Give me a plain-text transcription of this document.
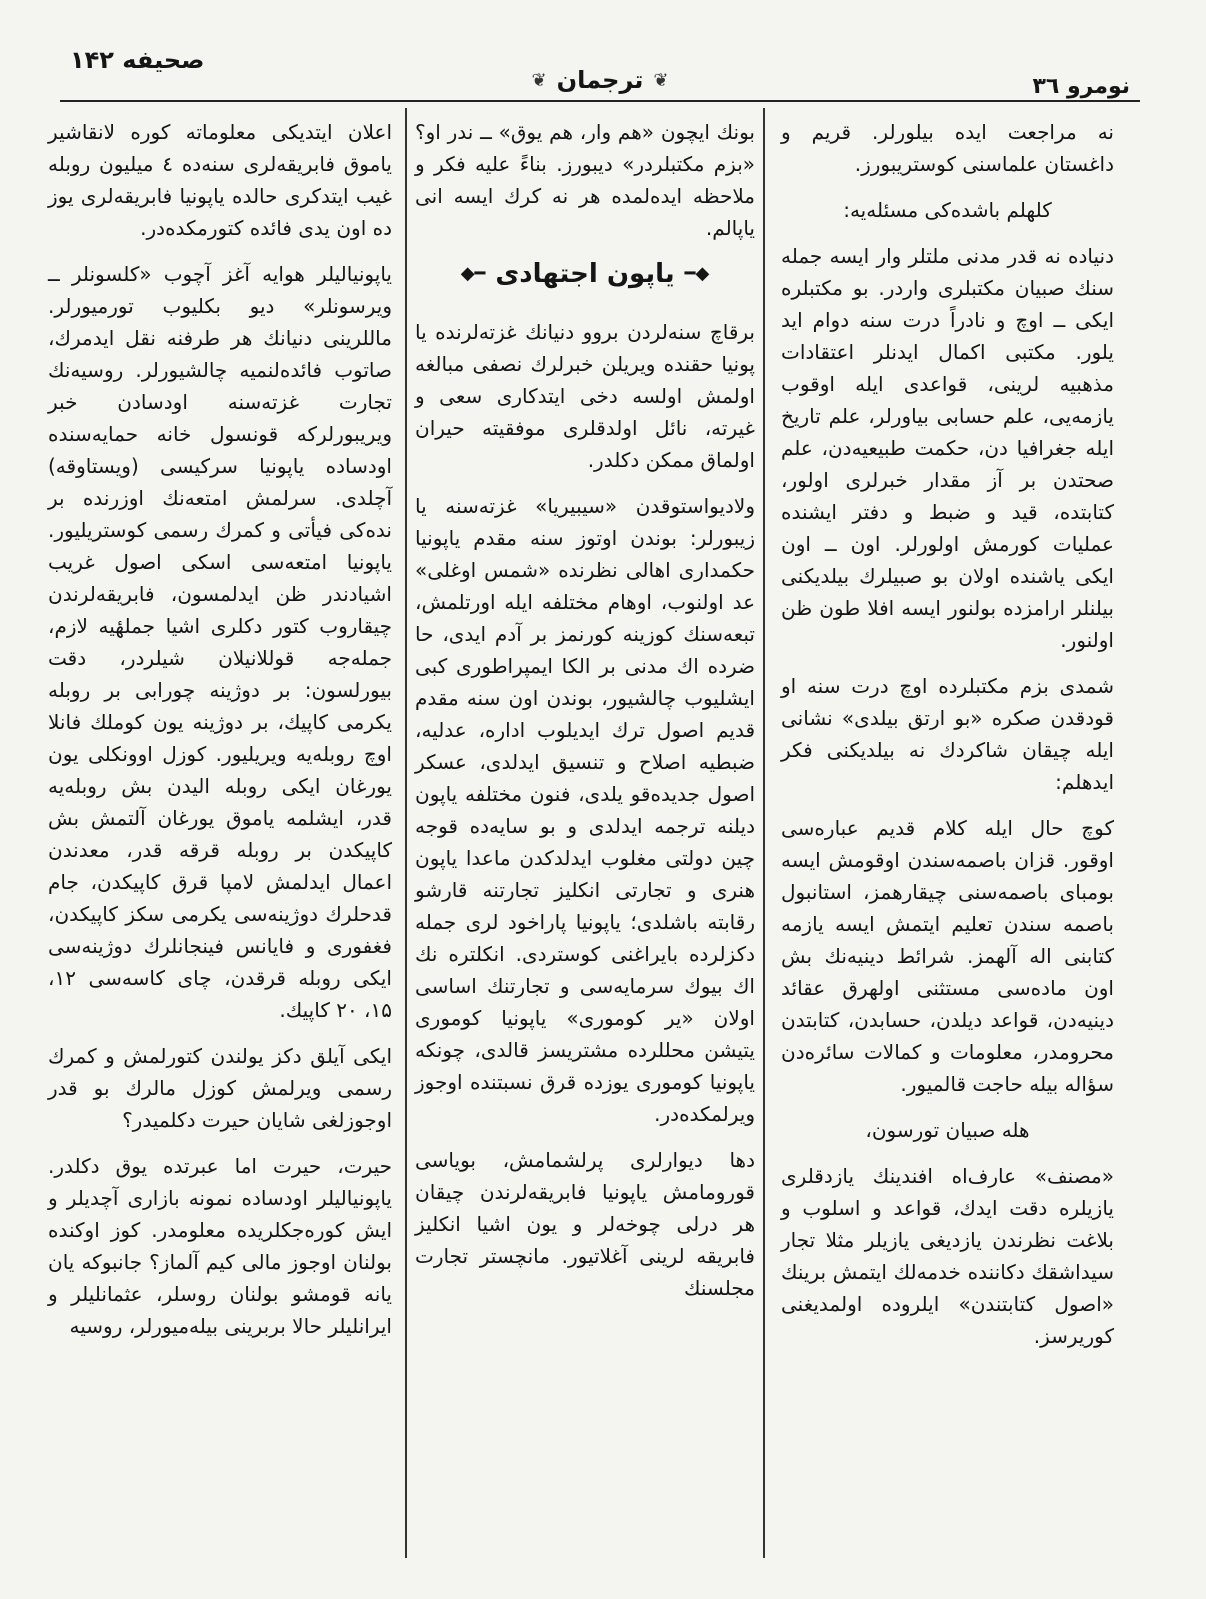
صحیفه ۱۴۲
❦
ترجمان
❦	نومرو ۳٦

نه مراجعت ایده بیلورلر. قریم و داغستان علماسنی کوستریبورز.

کلهلم باشده‌کی مسئله‌یه:

دنیاده نه قدر مدنی ملتلر وار ایسه جمله سنك صبیان مکتبلری واردر. بو مکتبلره ایکی ــ اوچ و نادراً درت سنه دوام اید یلور. مکتبی اکمال ایدنلر اعتقادات مذهبیه لرینی، قواعدی ایله اوقوب یازمه‌یی، علم حسابی بیاورلر، علم تاریخ ایله جغرافیا دن، حکمت طبیعیه‌دن، علم صحتدن بر آز مقدار خبرلری اولور، کتابتده، قید و ضبط و دفتر ایشنده عملیات کورمش اولورلر. اون ــ اون ایکی یاشنده اولان بو صبیلرك بیلدیکنی بیلنلر ارامزده بولنور ایسه افلا طون ظن اولنور.

شمدی بزم مکتبلرده اوچ درت سنه او قودقدن صکره «بو ارتق بیلدی» نشانی ایله چیقان شاکردك نه بیلدیکنی فکر ایدهلم:

کوچ حال ایله کلام قدیم عباره‌سی اوقور. قزان باصمه‌سندن اوقومش ایسه بومبای باصمه‌سنی چیقارهمز، استانبول باصمه سندن تعلیم ایتمش ایسه یازمه کتابنی اله آلهمز. شرائط دینیه‌نك بش اون ماده‌سی مستثنی اولهرق عقائد دینیه‌دن، قواعد دیلدن، حسابدن، کتابتدن محرومدر، معلومات و کمالات سائره‌دن سؤاله بیله حاجت قالمیور.

هله صبیان تورسون،

«مصنف» عارف‌اه افندینك یازدقلری یازیلره دقت ایدك، قواعد و اسلوب و بلاغت نظرندن یازدیغی یازیلر مثلا تجار سیداشقك دکاننده خدمه‌لك ایتمش برینك «اصول کتابتندن» ایلروده اولمدیغنی کوریرسز.

بونك ایچون «هم وار، هم یوق» ــ ندر او؟ «بزم مکتبلردر» دیبورز. بناءً علیه فکر و ملاحظه ایده‌لمده هر نه کرك ایسه انی یاپالم.

◆━
یاپون اجتهادی
━◆

برقاچ سنه‌لردن بروو دنیانك غزته‌لرنده یا پونیا حقنده ویریلن خبرلرك نصفی مبالغه اولمش اولسه دخی ایتدکاری سعی و غیرته، نائل اولدقلری موفقیته حیران اولماق ممکن دکلدر.

ولادیواستوقدن «سیبیریا» غزته‌سنه یا زیبورلر: بوندن اوتوز سنه مقدم یاپونیا حکمداری اهالی نظرنده «شمس اوغلی» عد اولنوب، اوهام مختلفه ایله اورتلمش، تبعه‌سنك کوزینه کورنمز بر آدم ایدی، حا ضرده اك مدنی بر الکا ایمپراطوری کبی ایشلیوب چالشیور، بوندن اون سنه مقدم قدیم اصول ترك ایدیلوب اداره، عدلیه، ضبطیه اصلاح و تنسیق ایدلدی، عسکر اصول جدیده‌قو یلدی، فنون مختلفه یاپون دیلنه ترجمه ایدلدی و بو سایه‌ده قوجه چین دولتی مغلوب ایدلدکدن ماعدا یاپون هنری و تجارتی انکلیز تجارتنه قارشو رقابته باشلدی؛ یاپونیا پاراخود لری جمله دکزلرده بایراغنی کوستردی. انکلتره نك اك بیوك سرمایه‌سی و تجارتنك اساسی اولان «یر کوموری» یاپونیا کوموری یتیشن محللرده مشتریسز قالدی، چونکه یاپونیا کوموری یوزده قرق نسبتنده اوجوز ویرلمکده‌در.

دها دیوارلری پرلشمامش، بویاسی قورومامش یاپونیا فابریقه‌لرندن چیقان هر درلی چوخه‌لر و یون اشیا انکلیز فابریقه لرینی آغلاتیور. مانچستر تجارت مجلسنك

اعلان ایتدیکی معلوماته کوره لانقاشیر یاموق فابریقه‌لری سنه‌ده ٤ میلیون روبله غیب ایتدکری حالده یاپونیا فابریقه‌لری یوز ده اون یدی فائده کتورمکده‌در.

یاپونیالیلر هوایه آغز آچوب «کلسونلر ــ ویرسونلر» دیو بکلیوب تورمیورلر. ماللرینی دنیانك هر طرفنه نقل ایدمرك، صاتوب فائده‌لنمیه چالشیورلر. روسیه‌نك تجارت غزته‌سنه اودسادن خبر ویریبورلرکه قونسول خانه حمایه‌سنده اودساده یاپونیا سرکیسی (ویستاوقه) آچلدی. سرلمش امتعه‌نك اوزرنده بر نده‌کی فیأتی و کمرك رسمی کوستریلیور. یاپونیا امتعه‌سی اسکی اصول غریب اشیادندر ظن ایدلمسون، فابریقه‌لرندن چیقاروب کتور دکلری اشیا جملهٔیه لازم، جمله‌جه قوللانیلان شیلردر، دقت بیورلسون: بر دوژینه چورابی بر روبله یکرمی کاپیك، بر دوژینه یون کوملك فانلا اوچ روبله‌یه ویریلیور. کوزل اوونکلی یون یورغان ایکی روبله الیدن بش روبله‌یه قدر، ایشلمه یاموق یورغان آلتمش بش کاپیکدن بر روبله قرقه قدر، معدندن اعمال ایدلمش لامپا قرق کاپیکدن، جام قدحلرك دوژینه‌سی یکرمی سکز کاپیکدن، فغفوری و فایانس فینجانلرك دوژینه‌سی ایکی روبله قرقدن، چای کاسه‌سی ۱۲، ۱۵، ۲۰ کاپیك.

ایکی آیلق دکز یولندن کتورلمش و کمرك رسمی ویرلمش کوزل مالرك بو قدر اوجوزلغی شایان حیرت دکلمیدر؟

حیرت، حیرت اما عبرتده یوق دکلدر. یاپونیالیلر اودساده نمونه بازاری آچدیلر و ایش کوره‌جکلریده معلومدر. کوز اوکنده بولنان اوجوز مالی کیم آلماز؟ جانبوکه یان یانه قومشو بولنان روسلر، عثمانلیلر و ایرانلیلر حالا بربرینی بیله‌میورلر، روسیه
